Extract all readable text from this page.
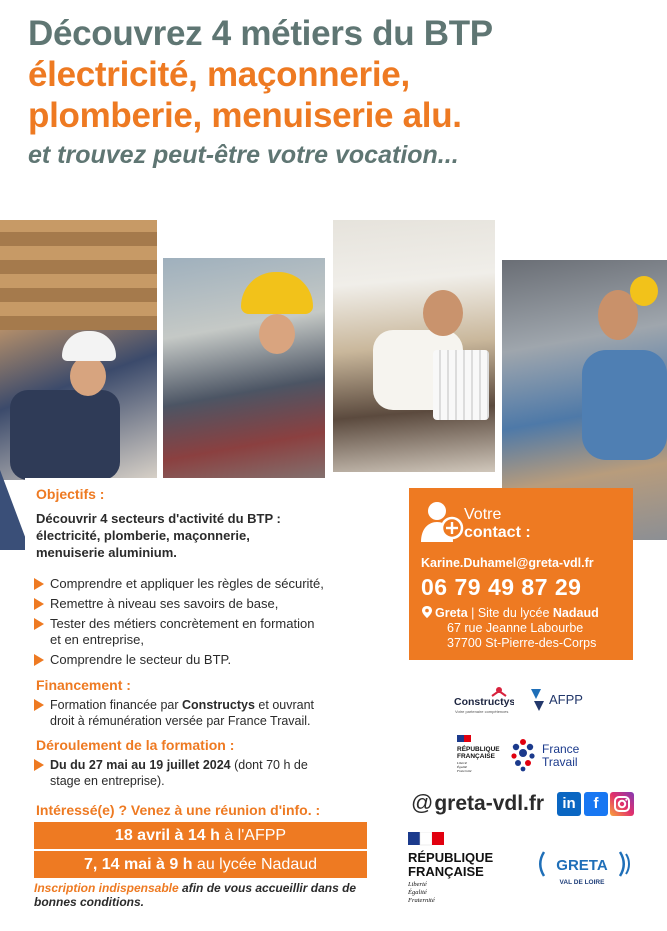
Découvrez 4 métiers du BTP
électricité, maçonnerie,
plomberie, menuiserie alu.
et trouvez peut-être votre vocation...
Objectifs :
Découvrir 4 secteurs d'activité du BTP :
électricité, plomberie, maçonnerie,
menuiserie aluminium.
Comprendre et appliquer les règles de sécurité,
Remettre à niveau ses savoirs de base,
Tester des métiers concrètement en formation
et en entreprise,
Comprendre le secteur du BTP.
Financement :
Formation financée par Constructys et ouvrant
droit à rémunération versée par France Travail.
Déroulement de la formation :
Du du 27 mai au 19 juillet 2024 (dont 70 h de
stage en entreprise).
Intéressé(e) ? Venez à une réunion d'info. :
18 avril à 14 h à l'AFPP
7, 14 mai à 9 h au lycée Nadaud
Inscription indispensable afin de vous accueillir dans de
bonnes conditions.
Votre
contact :
Karine.Duhamel@greta-vdl.fr
06 79 49 87 29
Greta | Site du lycée Nadaud
67 rue Jeanne Labourbe
37700 St-Pierre-des-Corps
Constructys
Votre partenaire compétences
AFPP
RÉPUBLIQUE
FRANÇAISE
Liberté
Égalité
Fraternité
France
Travail
@greta-vdl.fr	in	f
RÉPUBLIQUE
FRANÇAISE
Liberté
Égalité
Fraternité
GRETA
VAL DE LOIRE
